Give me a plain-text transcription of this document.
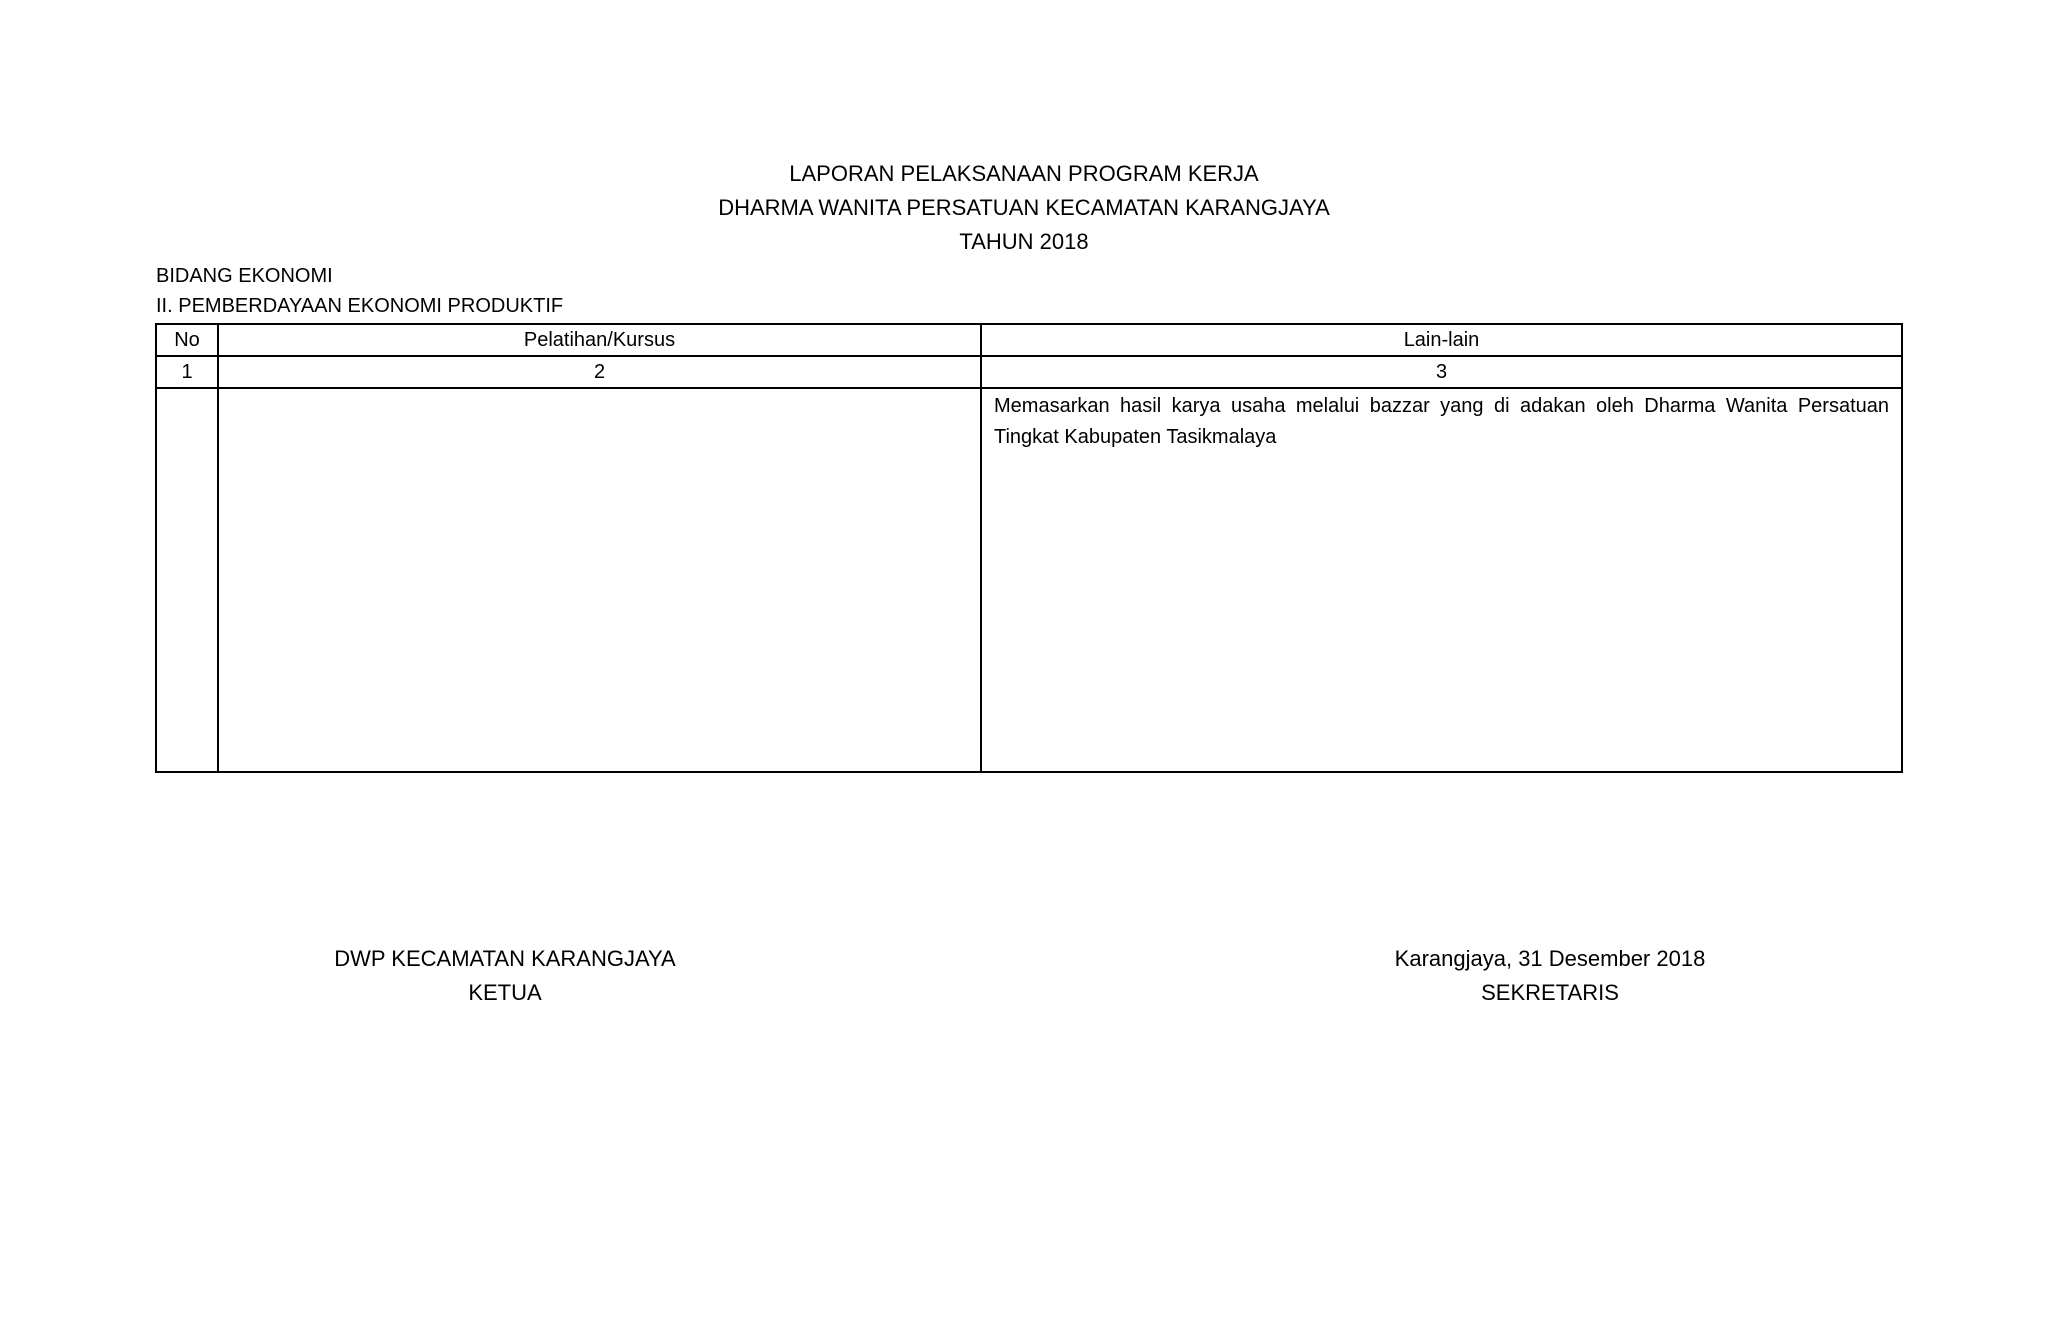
LAPORAN PELAKSANAAN PROGRAM KERJA
DHARMA WANITA PERSATUAN KECAMATAN KARANGJAYA
TAHUN 2018
BIDANG EKONOMI
II. PEMBERDAYAAN EKONOMI PRODUKTIF
No	Pelatihan/Kursus	Lain-lain
1	2	3

		Memasarkan hasil karya usaha melalui bazzar yang di adakan oleh Dharma Wanita Persatuan Tingkat Kabupaten Tasikmalaya
DWP KECAMATAN KARANGJAYA
KETUA
Karangjaya, 31 Desember 2018
SEKRETARIS
